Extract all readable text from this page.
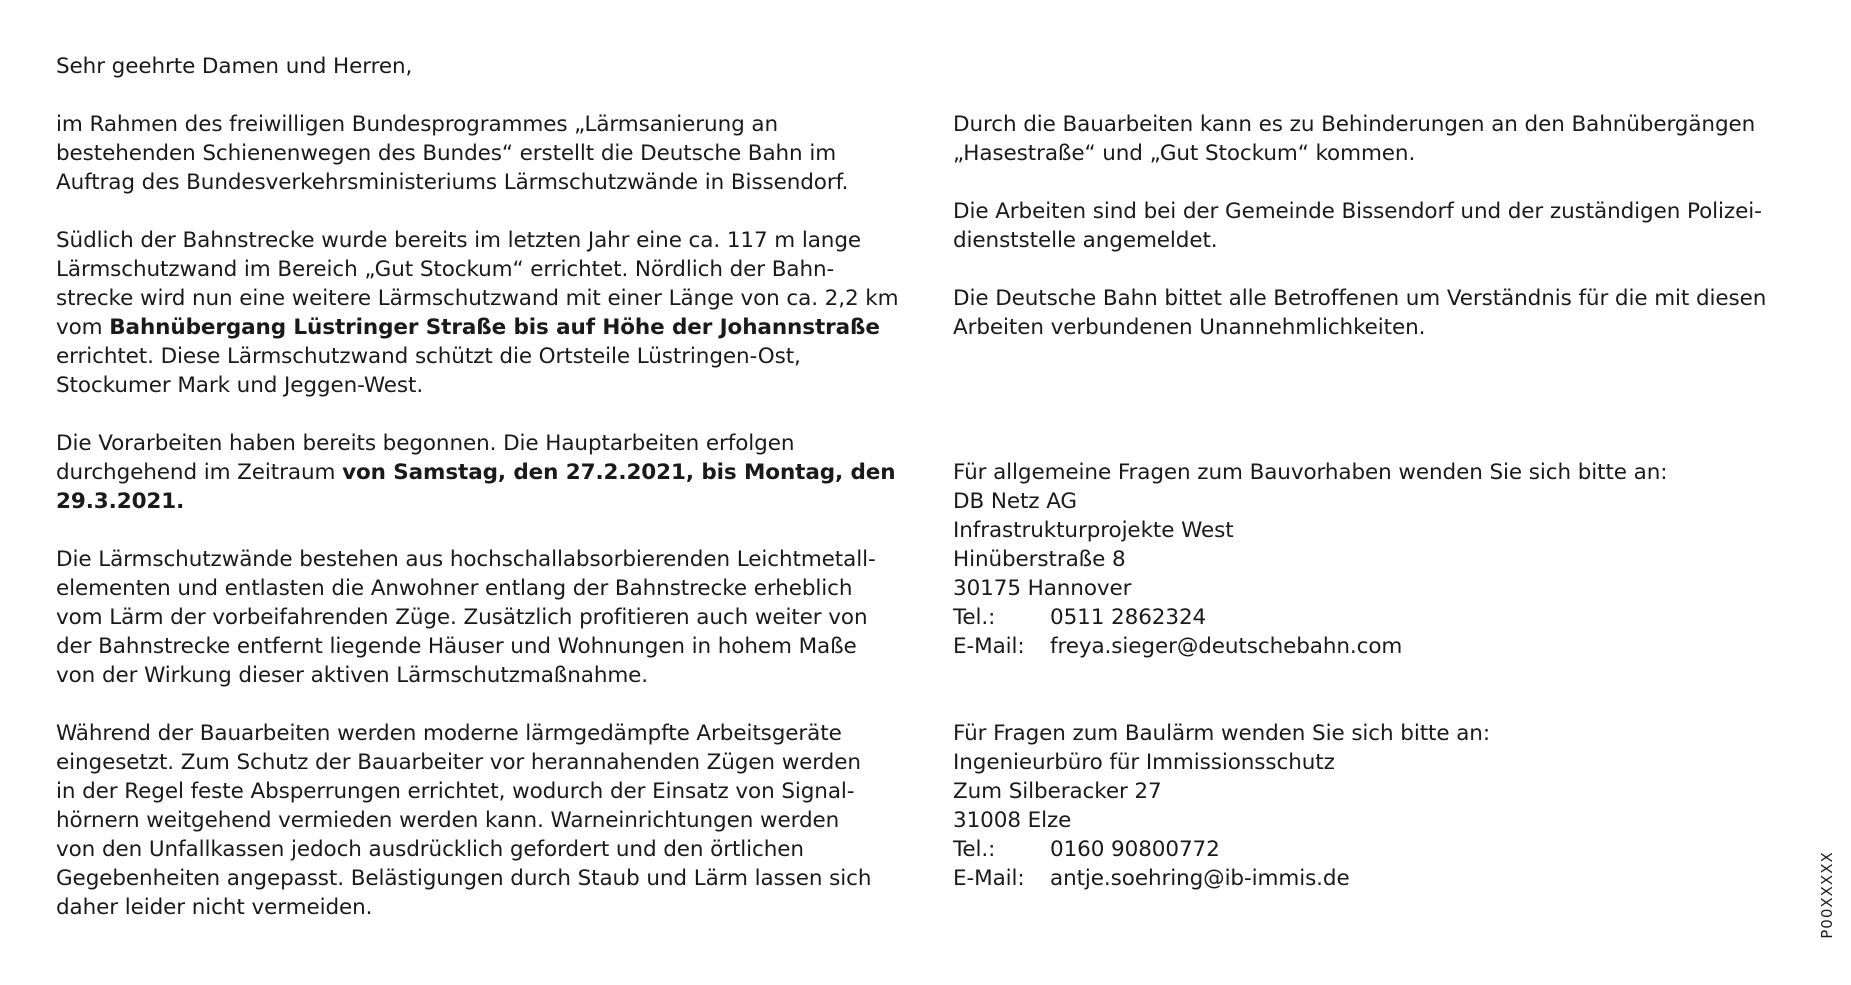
Sehr geehrte Damen und Herren,

im Rahmen des freiwilligen Bundesprogrammes „Lärmsanierung an
bestehenden Schienenwegen des Bundes“ erstellt die Deutsche Bahn im
Auftrag des Bundesverkehrsministeriums Lärmschutzwände in Bissendorf.

Südlich der Bahnstrecke wurde bereits im letzten Jahr eine ca. 117 m lange
Lärmschutzwand im Bereich „Gut Stockum“ errichtet. Nördlich der Bahn-
strecke wird nun eine weitere Lärmschutzwand mit einer Länge von ca. 2,2 km
vom Bahnübergang Lüstringer Straße bis auf Höhe der Johannstraße
errichtet. Diese Lärmschutzwand schützt die Ortsteile Lüstringen-Ost,
Stockumer Mark und Jeggen-West.

Die Vorarbeiten haben bereits begonnen. Die Hauptarbeiten erfolgen
durchgehend im Zeitraum von Samstag, den 27.2.2021, bis Montag, den
29.3.2021.

Die Lärmschutzwände bestehen aus hochschallabsorbierenden Leichtmetall-
elementen und entlasten die Anwohner entlang der Bahnstrecke erheblich
vom Lärm der vorbeifahrenden Züge. Zusätzlich profitieren auch weiter von
der Bahnstrecke entfernt liegende Häuser und Wohnungen in hohem Maße
von der Wirkung dieser aktiven Lärmschutzmaßnahme.

Während der Bauarbeiten werden moderne lärmgedämpfte Arbeitsgeräte
eingesetzt. Zum Schutz der Bauarbeiter vor herannahenden Zügen werden
in der Regel feste Absperrungen errichtet, wodurch der Einsatz von Signal-
hörnern weitgehend vermieden werden kann. Warneinrichtungen werden
von den Unfallkassen jedoch ausdrücklich gefordert und den örtlichen
Gegebenheiten angepasst. Belästigungen durch Staub und Lärm lassen sich
daher leider nicht vermeiden.

Durch die Bauarbeiten kann es zu Behinderungen an den Bahnübergängen
„Hasestraße“ und „Gut Stockum“ kommen.

Die Arbeiten sind bei der Gemeinde Bissendorf und der zuständigen Polizei-
dienststelle angemeldet.

Die Deutsche Bahn bittet alle Betroffenen um Verständnis für die mit diesen
Arbeiten verbundenen Unannehmlichkeiten.

Für allgemeine Fragen zum Bauvorhaben wenden Sie sich bitte an:
DB Netz AG
Infrastrukturprojekte West
Hinüberstraße 8
30175 Hannover
Tel.:	0511 2862324
E-Mail:	freya.sieger@deutschebahn.com
Für Fragen zum Baulärm wenden Sie sich bitte an:
Ingenieurbüro für Immissionsschutz
Zum Silberacker 27
31008 Elze
Tel.:	0160 90800772
E-Mail:	antje.soehring@ib-immis.de	P00XXXXX
